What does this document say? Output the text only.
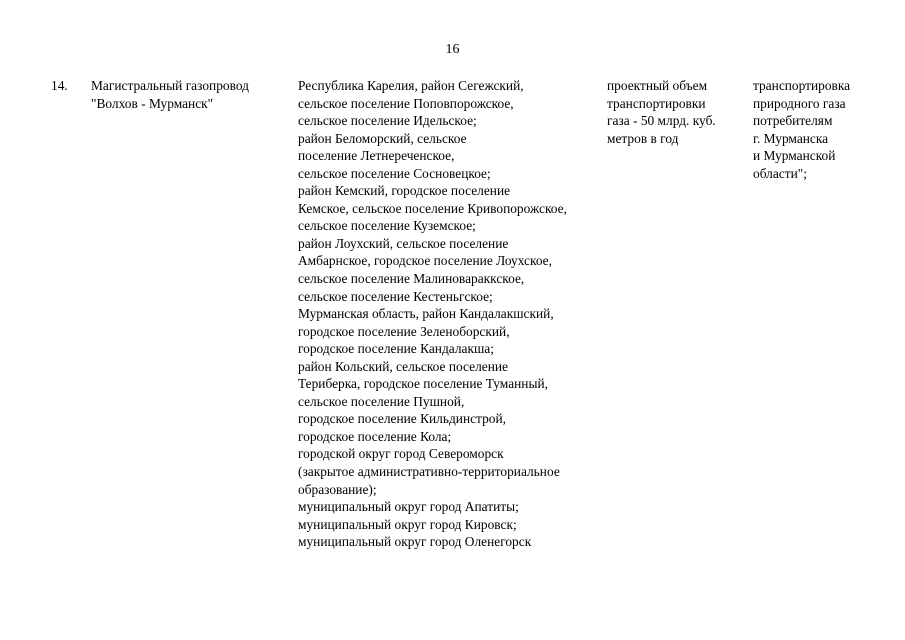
16
14. Магистральный газопровод
"Волхов - Мурманск"
Республика Карелия, район Сегежский,
сельское поселение Поповпорожское,
сельское поселение Идельское;
район Беломорский, сельское
поселение Летнереченское,
сельское поселение Сосновецкое;
район Кемский, городское поселение
Кемское, сельское поселение Кривопорожское,
сельское поселение Куземское;
район Лоухский, сельское поселение
Амбарнское, городское поселение Лоухское,
сельское поселение Малиновараккское,
сельское поселение Кестеньгское;
Мурманская область, район Кандалакшский,
городское поселение Зеленоборский,
городское поселение Кандалакша;
район Кольский, сельское поселение
Териберка, городское поселение Туманный,
сельское поселение Пушной,
городское поселение Кильдинстрой,
городское поселение Кола;
городской округ город Североморск
(закрытое административно-территориальное
образование);
муниципальный округ город Апатиты;
муниципальный округ город Кировск;
муниципальный округ город Оленегорск
проектный объем
транспортировки
газа - 50 млрд. куб.
метров в год
транспортировка
природного газа
потребителям
г. Мурманска
и Мурманской
области";
